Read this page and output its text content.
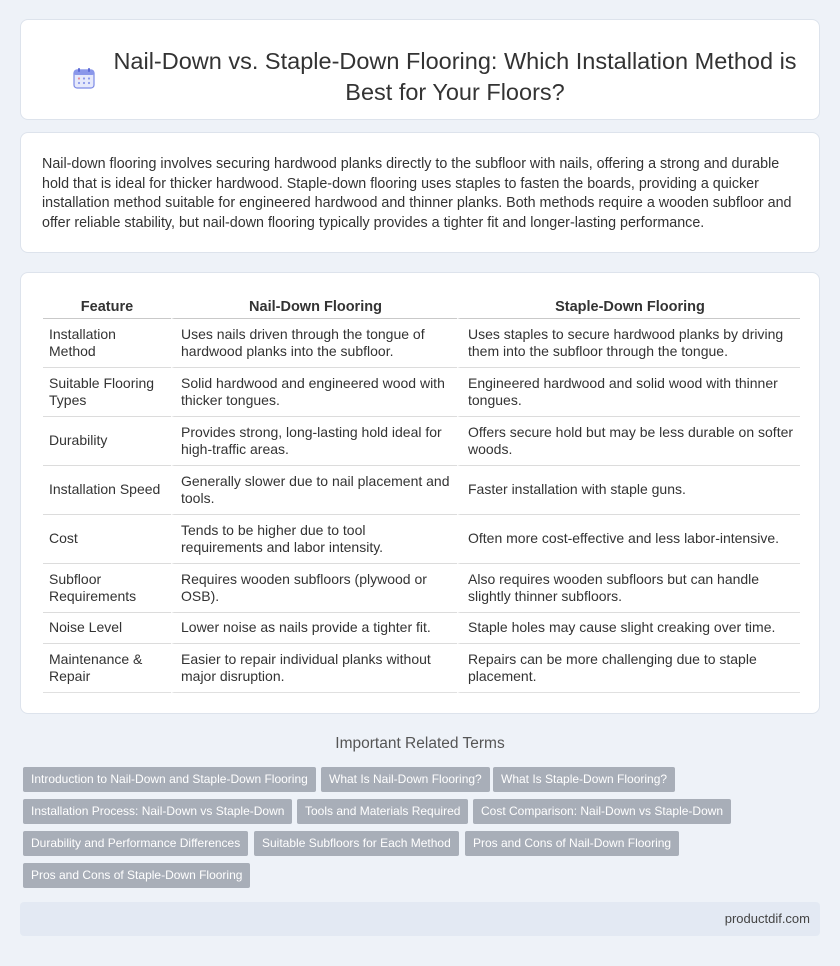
Nail-Down vs. Staple-Down Flooring: Which Installation Method is Best for Your Floors?

Nail-down flooring involves securing hardwood planks directly to the subfloor with nails, offering a strong and durable hold that is ideal for thicker hardwood. Staple-down flooring uses staples to fasten the boards, providing a quicker installation method suitable for engineered hardwood and thinner planks. Both methods require a wooden subfloor and offer reliable stability, but nail-down flooring typically provides a tighter fit and longer-lasting performance.

Feature	Nail-Down Flooring	Staple-Down Flooring
Installation Method	Uses nails driven through the tongue of hardwood planks into the subfloor.	Uses staples to secure hardwood planks by driving them into the subfloor through the tongue.
Suitable Flooring Types	Solid hardwood and engineered wood with thicker tongues.	Engineered hardwood and solid wood with thinner tongues.
Durability	Provides strong, long-lasting hold ideal for high-traffic areas.	Offers secure hold but may be less durable on softer woods.
Installation Speed	Generally slower due to nail placement and tools.	Faster installation with staple guns.
Cost	Tends to be higher due to tool requirements and labor intensity.	Often more cost-effective and less labor-intensive.
Subfloor Requirements	Requires wooden subfloors (plywood or OSB).	Also requires wooden subfloors but can handle slightly thinner subfloors.
Noise Level	Lower noise as nails provide a tighter fit.	Staple holes may cause slight creaking over time.
Maintenance & Repair	Easier to repair individual planks without major disruption.	Repairs can be more challenging due to staple placement.
Important Related Terms
Introduction to Nail-Down and Staple-Down Flooring	What Is Nail-Down Flooring?	What Is Staple-Down Flooring?
Installation Process: Nail-Down vs Staple-Down	Tools and Materials Required	Cost Comparison: Nail-Down vs Staple-Down
Durability and Performance Differences	Suitable Subfloors for Each Method	Pros and Cons of Nail-Down Flooring
Pros and Cons of Staple-Down Flooring
productdif.com
